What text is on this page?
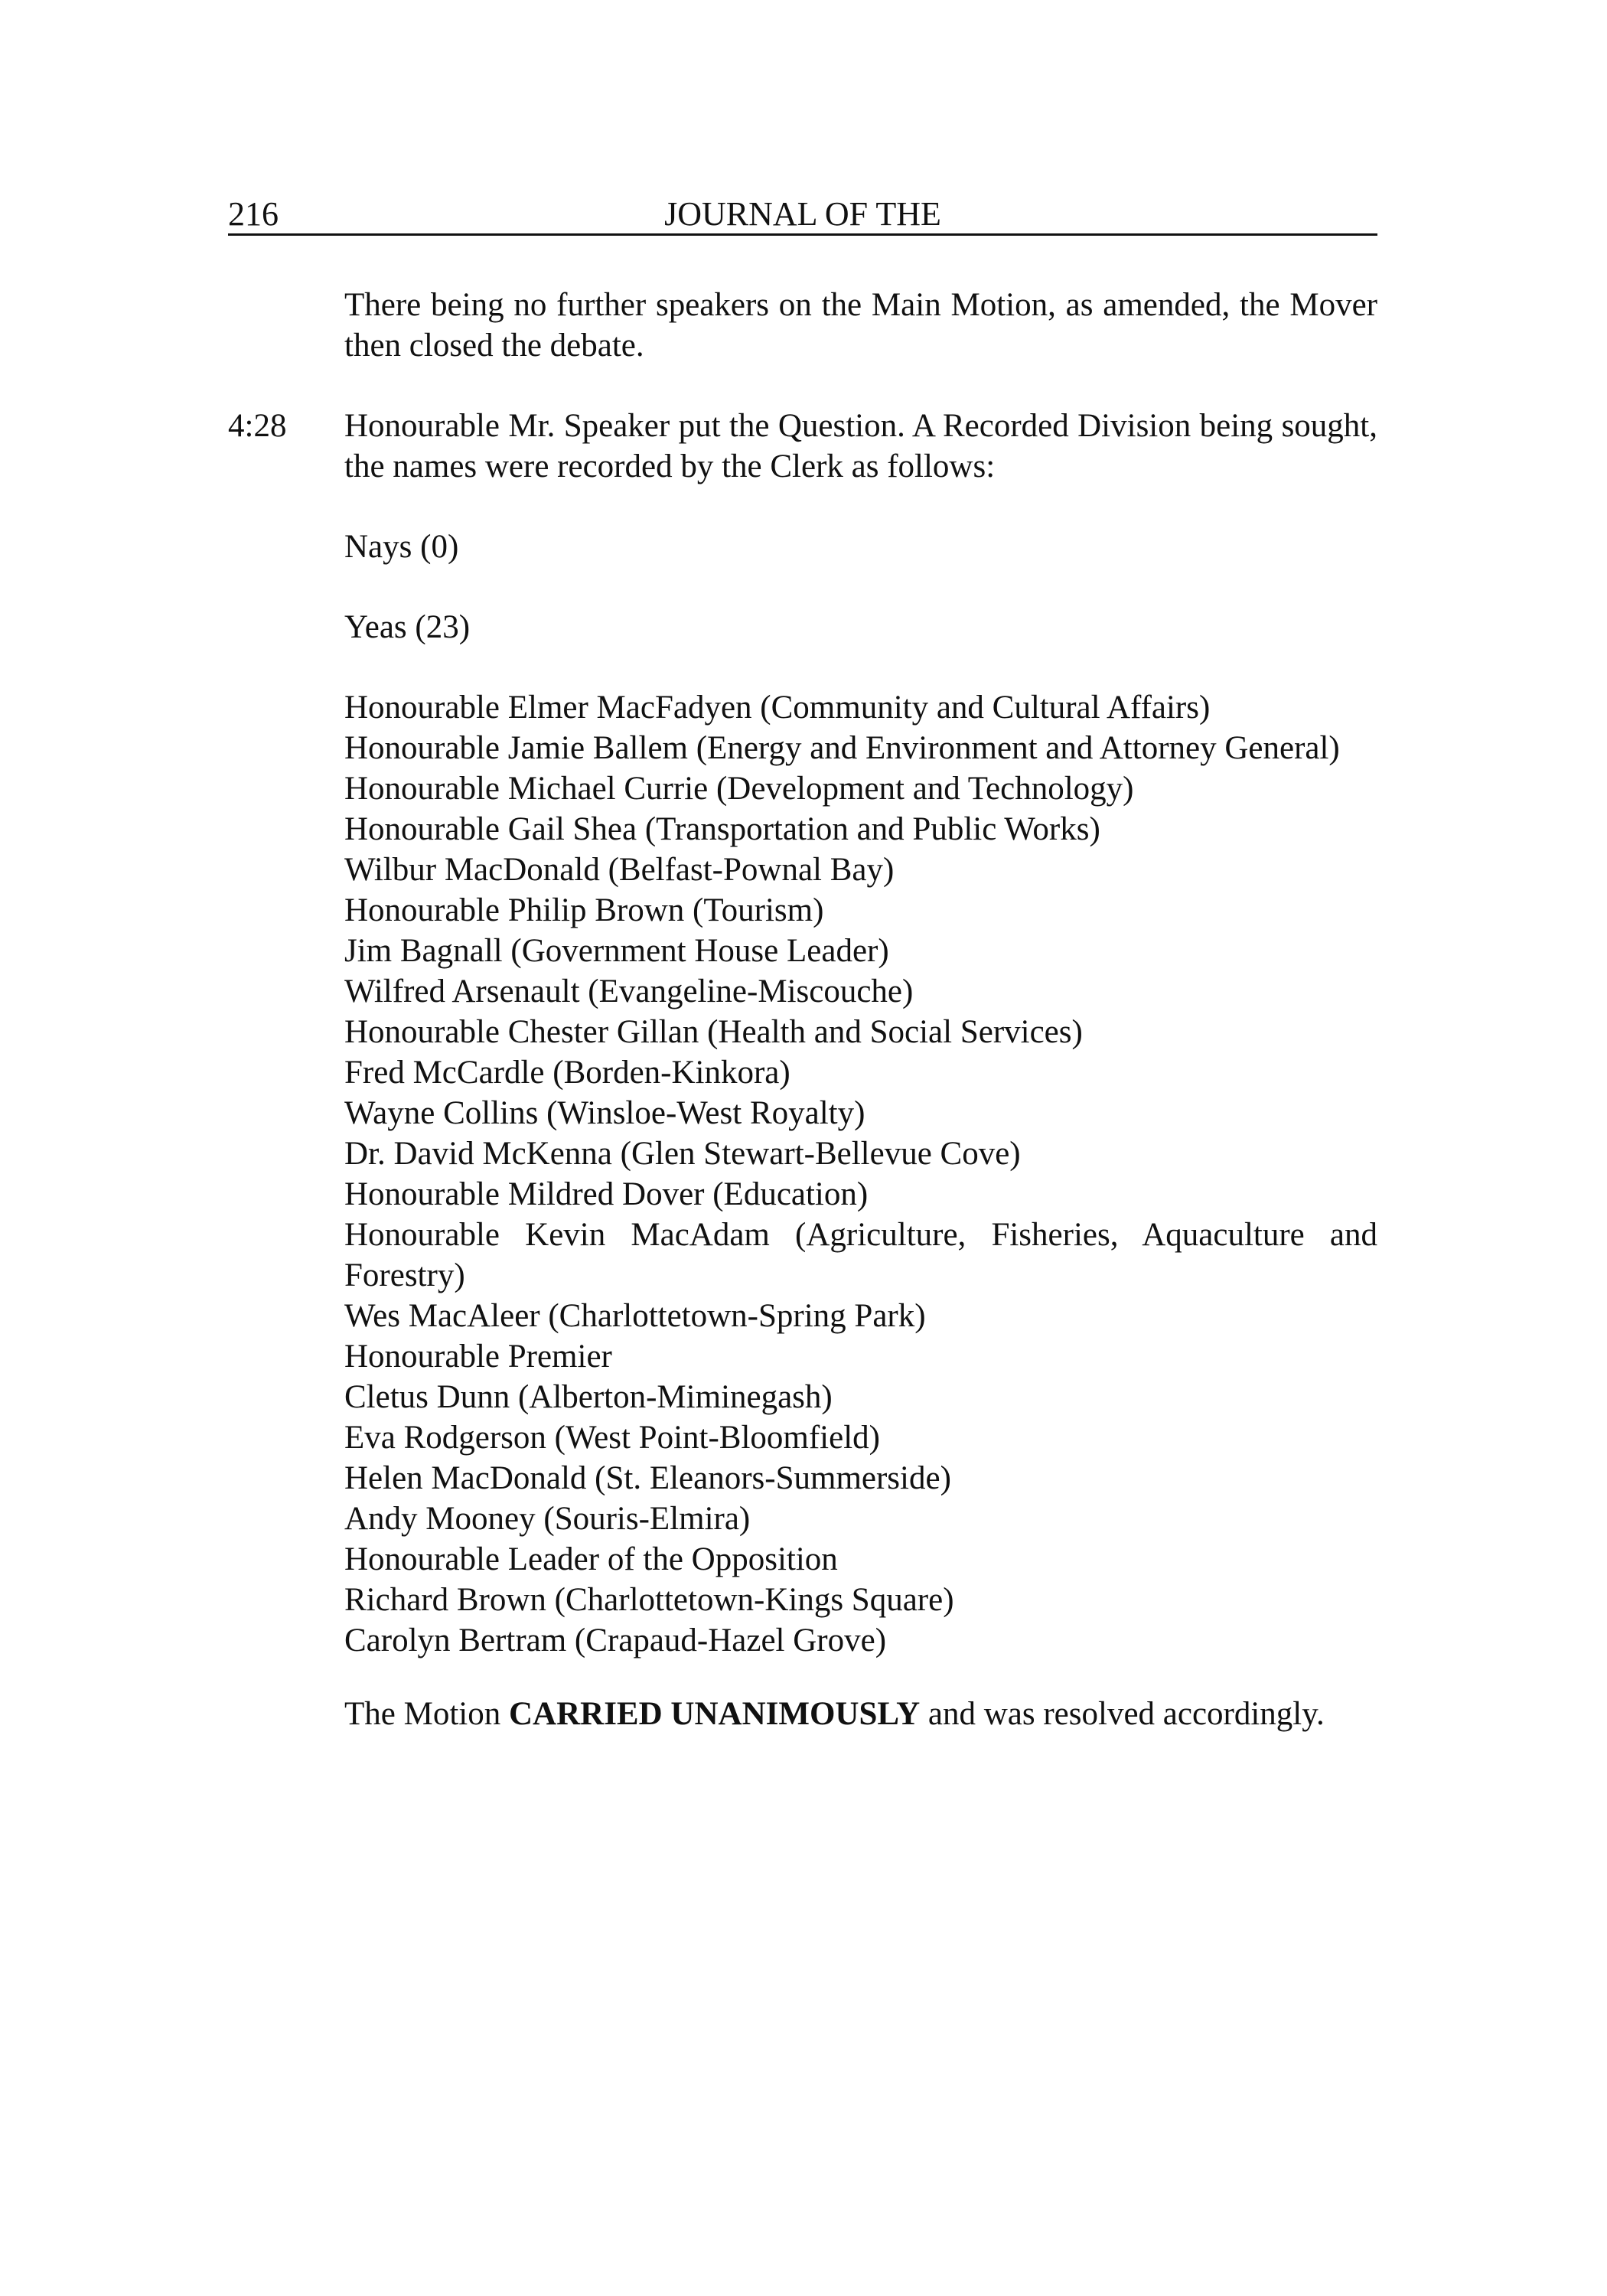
216	JOURNAL OF THE

There being no further speakers on the Main Motion, as amended, the Mover then closed the debate.

4:28 Honourable Mr. Speaker put the Question. A Recorded Division being sought, the names were recorded by the Clerk as follows:

Nays (0)

Yeas (23)

Honourable Elmer MacFadyen (Community and Cultural Affairs)
Honourable Jamie Ballem (Energy and Environment and Attorney General)
Honourable Michael Currie (Development and Technology)
Honourable Gail Shea (Transportation and Public Works)
Wilbur MacDonald (Belfast-Pownal Bay)
Honourable Philip Brown (Tourism)
Jim Bagnall (Government House Leader)
Wilfred Arsenault (Evangeline-Miscouche)
Honourable Chester Gillan (Health and Social Services)
Fred McCardle (Borden-Kinkora)
Wayne Collins (Winsloe-West Royalty)
Dr. David McKenna (Glen Stewart-Bellevue Cove)
Honourable Mildred Dover (Education)
Honourable Kevin MacAdam (Agriculture, Fisheries, Aquaculture and Forestry)
Wes MacAleer (Charlottetown-Spring Park)
Honourable Premier
Cletus Dunn (Alberton-Miminegash)
Eva Rodgerson (West Point-Bloomfield)
Helen MacDonald (St. Eleanors-Summerside)
Andy Mooney (Souris-Elmira)
Honourable Leader of the Opposition
Richard Brown (Charlottetown-Kings Square)
Carolyn Bertram (Crapaud-Hazel Grove)

The Motion CARRIED UNANIMOUSLY and was resolved accordingly.
